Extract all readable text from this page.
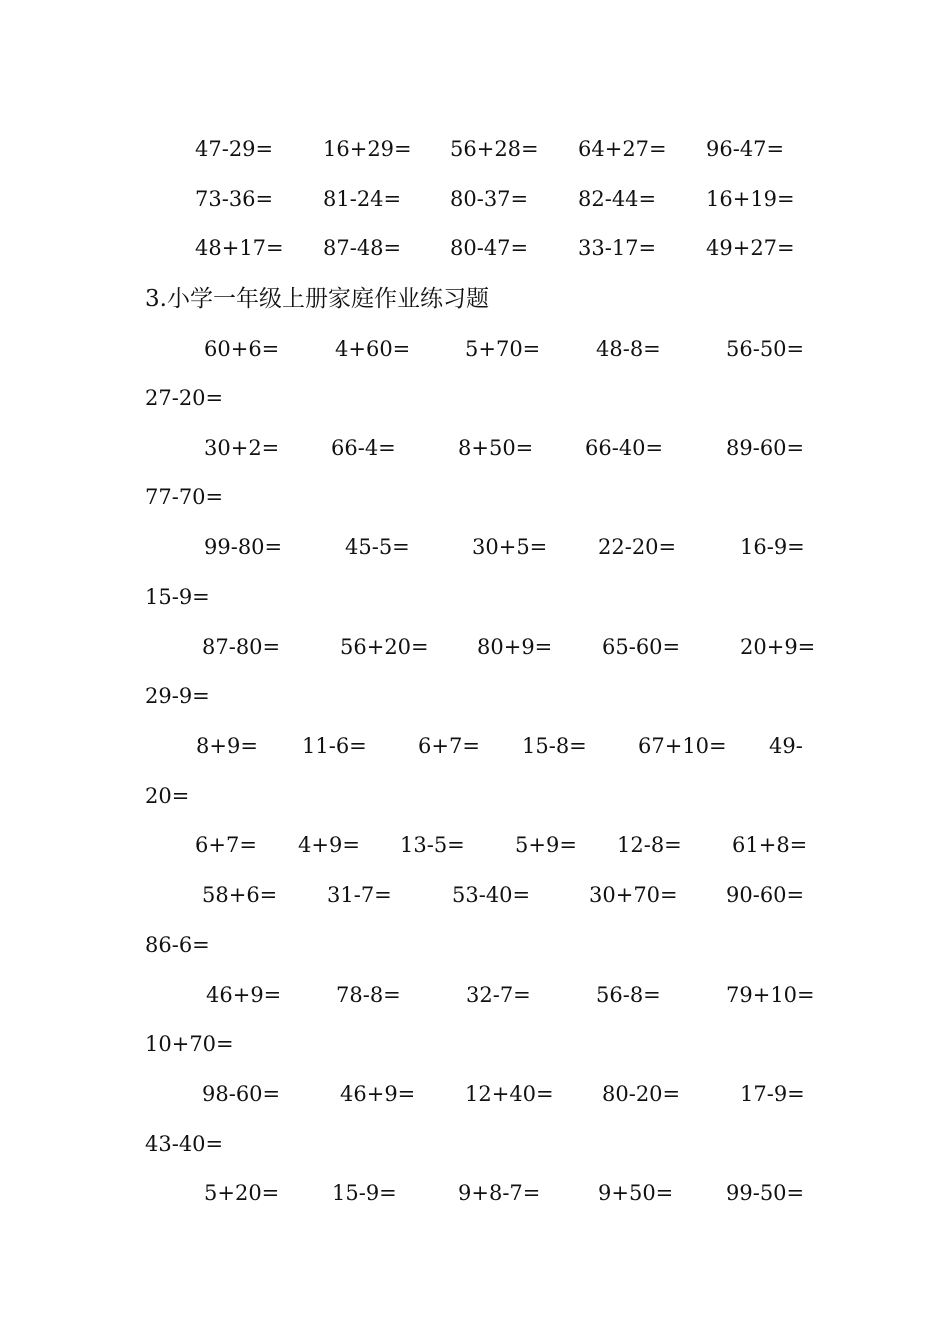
47-29= 16+29= 56+28= 64+27= 96-47=
73-36= 81-24= 80-37= 82-44= 16+19=
48+17= 87-48= 80-47= 33-17= 49+27=
3.小学一年级上册家庭作业练习题
60+6=	4+60=	5+70=	48-8=	56-50=
27-20=
30+2= 66-4=	8+50= 66-40=	89-60=
77-70=
99-80=	45-5=	30+5= 22-20=	16-9=
15-9=
87-80=	56+20= 80+9= 65-60=	20+9=
29-9=
8+9= 11-6= 6+7= 15-8= 67+10= 49-
20=
6+7= 4+9= 13-5= 5+9= 12-8= 61+8=
58+6= 31-7=	53-40=	30+70= 90-60=
86-6=
46+9=	78-8=	32-7=	56-8=	79+10=
10+70=
98-60=	46+9= 12+40= 80-20=	17-9=
43-40=
5+20=	15-9=	9+8-7=	9+50=	99-50=
